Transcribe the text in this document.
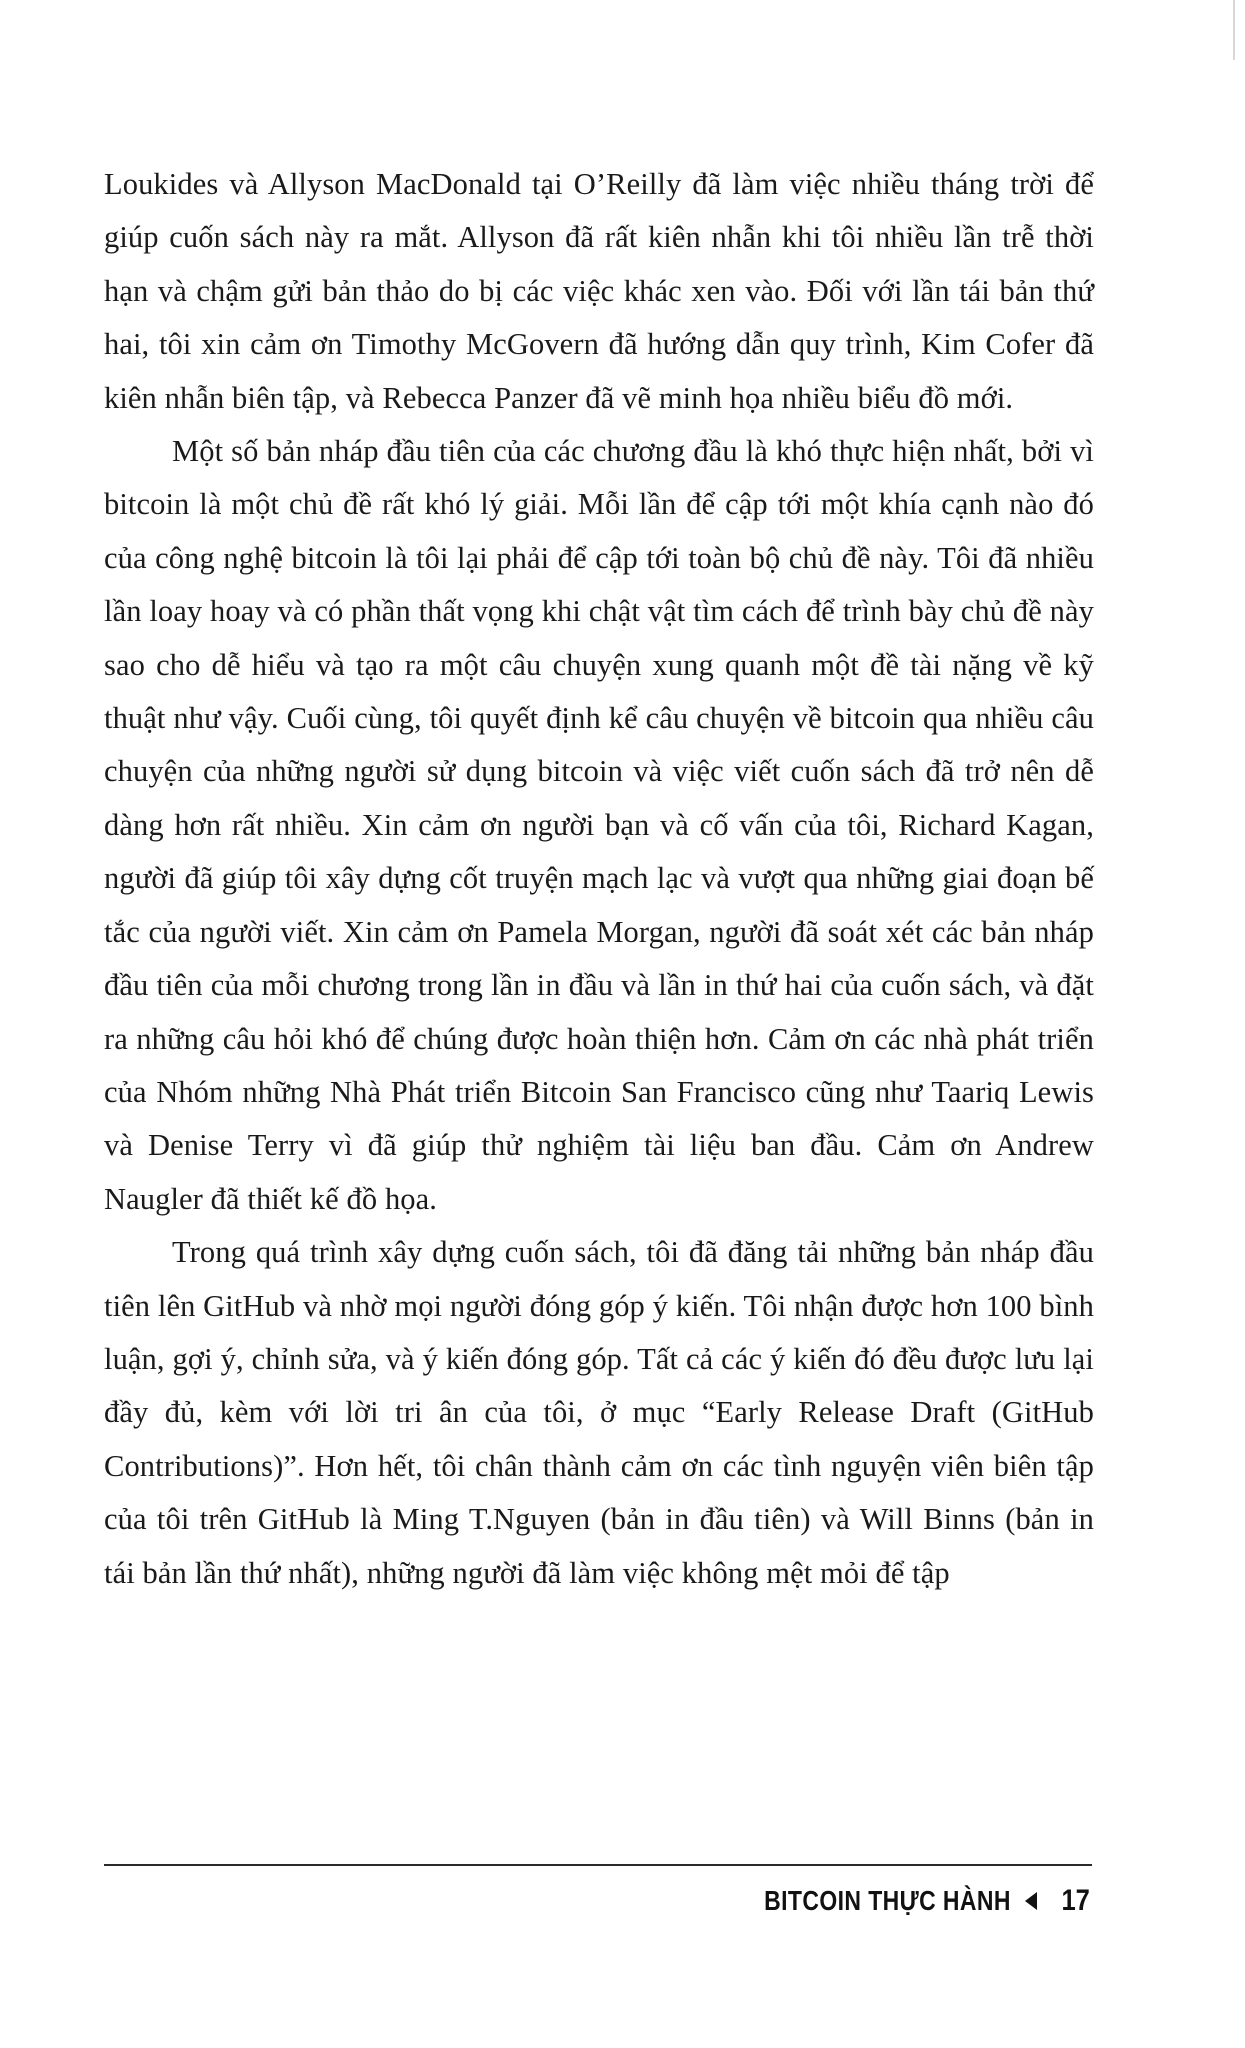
Loukides và Allyson MacDonald tại O’Reilly đã làm việc nhiều tháng trời để giúp cuốn sách này ra mắt. Allyson đã rất kiên nhẫn khi tôi nhiều lần trễ thời hạn và chậm gửi bản thảo do bị các việc khác xen vào. Đối với lần tái bản thứ hai, tôi xin cảm ơn Timothy McGovern đã hướng dẫn quy trình, Kim Cofer đã kiên nhẫn biên tập, và Rebecca Panzer đã vẽ minh họa nhiều biểu đồ mới.

Một số bản nháp đầu tiên của các chương đầu là khó thực hiện nhất, bởi vì bitcoin là một chủ đề rất khó lý giải. Mỗi lần để cập tới một khía cạnh nào đó của công nghệ bitcoin là tôi lại phải để cập tới toàn bộ chủ đề này. Tôi đã nhiều lần loay hoay và có phần thất vọng khi chật vật tìm cách để trình bày chủ đề này sao cho dễ hiểu và tạo ra một câu chuyện xung quanh một đề tài nặng về kỹ thuật như vậy. Cuối cùng, tôi quyết định kể câu chuyện về bitcoin qua nhiều câu chuyện của những người sử dụng bitcoin và việc viết cuốn sách đã trở nên dễ dàng hơn rất nhiều. Xin cảm ơn người bạn và cố vấn của tôi, Richard Kagan, người đã giúp tôi xây dựng cốt truyện mạch lạc và vượt qua những giai đoạn bế tắc của người viết. Xin cảm ơn Pamela Morgan, người đã soát xét các bản nháp đầu tiên của mỗi chương trong lần in đầu và lần in thứ hai của cuốn sách, và đặt ra những câu hỏi khó để chúng được hoàn thiện hơn. Cảm ơn các nhà phát triển của Nhóm những Nhà Phát triển Bitcoin San Francisco cũng như Taariq Lewis và Denise Terry vì đã giúp thử nghiệm tài liệu ban đầu. Cảm ơn Andrew Naugler đã thiết kế đồ họa.

Trong quá trình xây dựng cuốn sách, tôi đã đăng tải những bản nháp đầu tiên lên GitHub và nhờ mọi người đóng góp ý kiến. Tôi nhận được hơn 100 bình luận, gợi ý, chỉnh sửa, và ý kiến đóng góp. Tất cả các ý kiến đó đều được lưu lại đầy đủ, kèm với lời tri ân của tôi, ở mục “Early Release Draft (GitHub Contributions)”. Hơn hết, tôi chân thành cảm ơn các tình nguyện viên biên tập của tôi trên GitHub là Ming T.Nguyen (bản in đầu tiên) và Will Binns (bản in tái bản lần thứ nhất), những người đã làm việc không mệt mỏi để tập

BITCOIN THỰC HÀNH 17
